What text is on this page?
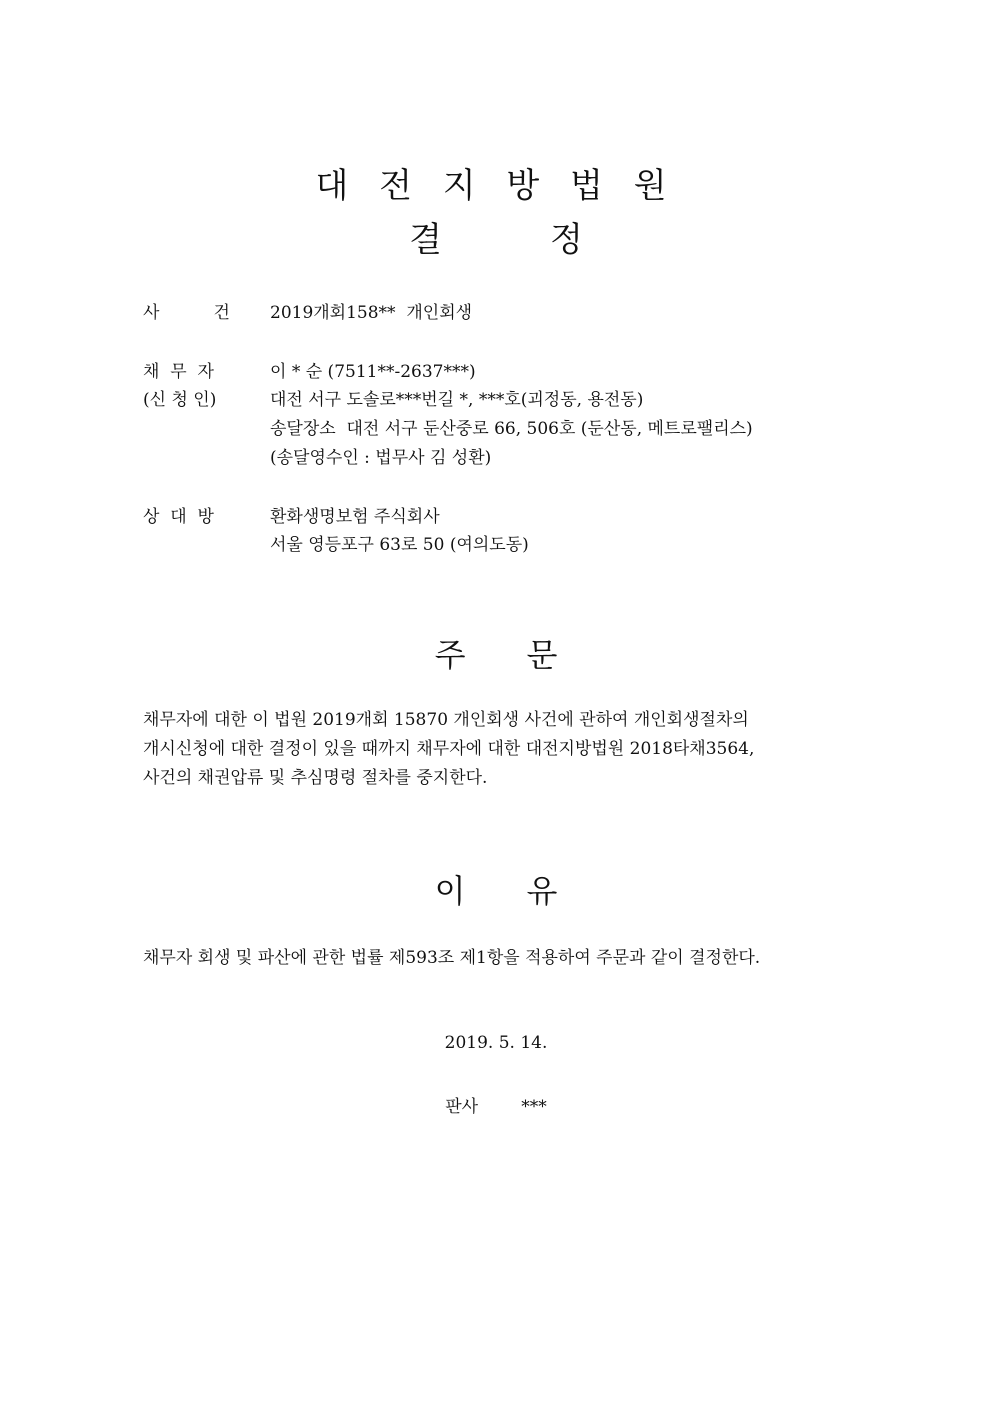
대 전 지 방 법 원
결          정
사          건 2019개회158**  개인회생
채  무  자	이 * 순 (7511**-2637***)
(신 청 인)	대전 서구 도솔로***번길 *, ***호(괴정동, 용전동)
송달장소  대전 서구 둔산중로 66, 506호 (둔산동, 메트로팰리스)
(송달영수인 : 법무사 김 성환)
상  대  방	환화생명보험 주식회사
서울 영등포구 63로 50 (여의도동)
주      문
채무자에 대한 이 법원 2019개회 15870 개인회생 사건에 관하여 개인회생절차의
개시신청에 대한 결정이 있을 때까지 채무자에 대한 대전지방법원 2018타채3564,
사건의 채권압류 및 추심명령 절차를 중지한다.
이      유
채무자 회생 및 파산에 관한 법률 제593조 제1항을 적용하여 주문과 같이 결정한다.
2019. 5. 14.
판사        ***
